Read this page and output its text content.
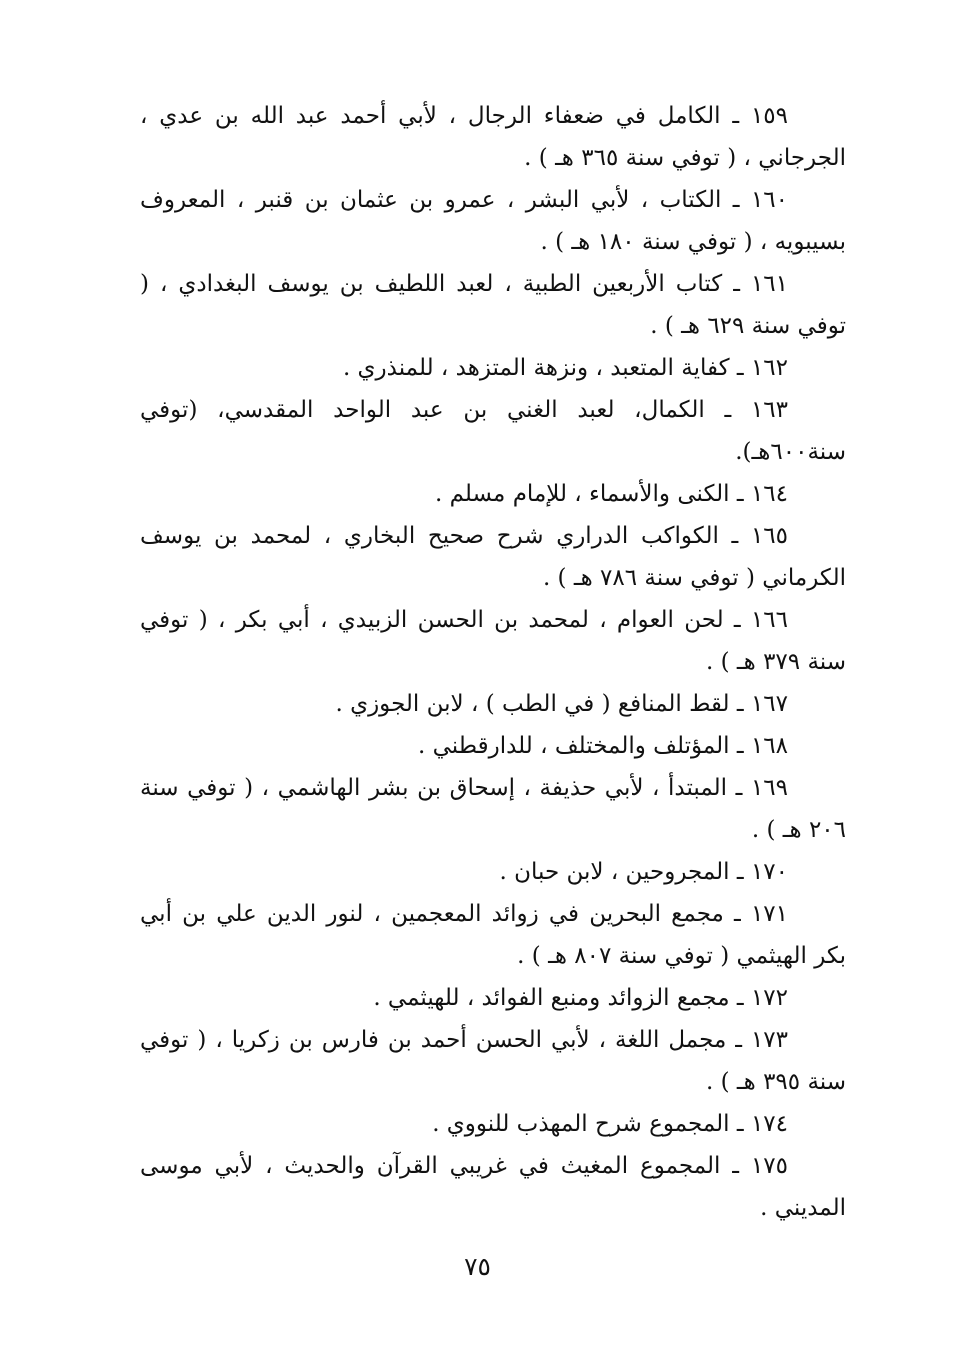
١٥٩ ـ الكامل في ضعفاء الرجال ، لأبي أحمد عبد الله بن عدي ، الجرجاني ، ( توفي سنة ٣٦٥ هـ ) .

١٦٠ ـ الكتاب ، لأبي البشر ، عمرو بن عثمان بن قنبر ، المعروف بسيبويه ، ( توفي سنة ١٨٠ هـ ) .

١٦١ ـ كتاب الأربعين الطبية ، لعبد اللطيف بن يوسف البغدادي ، ( توفي سنة ٦٢٩ هـ ) .

١٦٢ ـ كفاية المتعبد ، ونزهة المتزهد ، للمنذري .

١٦٣ ـ الكمال، لعبد الغني بن عبد الواحد المقدسي، (توفي سنة٦٠٠هـ).

١٦٤ ـ الكنى والأسماء ، للإمام مسلم .

١٦٥ ـ الكواكب الدراري شرح صحيح البخاري ، لمحمد بن يوسف الكرماني ( توفي سنة ٧٨٦ هـ ) .

١٦٦ ـ لحن العوام ، لمحمد بن الحسن الزبيدي ، أبي بكر ، ( توفي سنة ٣٧٩ هـ ) .

١٦٧ ـ لقط المنافع ( في الطب ) ، لابن الجوزي .

١٦٨ ـ المؤتلف والمختلف ، للدارقطني .

١٦٩ ـ المبتدأ ، لأبي حذيفة ، إسحاق بن بشر الهاشمي ، ( توفي سنة ٢٠٦ هـ ) .

١٧٠ ـ المجروحين ، لابن حبان .

١٧١ ـ مجمع البحرين في زوائد المعجمين ، لنور الدين علي بن أبي بكر الهيثمي ( توفي سنة ٨٠٧ هـ ) .

١٧٢ ـ مجمع الزوائد ومنبع الفوائد ، للهيثمي .

١٧٣ ـ مجمل اللغة ، لأبي الحسن أحمد بن فارس بن زكريا ، ( توفي سنة ٣٩٥ هـ ) .

١٧٤ ـ المجموع شرح المهذب للنووي .

١٧٥ ـ المجموع المغيث في غريبي القرآن والحديث ، لأبي موسى المديني .

٧٥
